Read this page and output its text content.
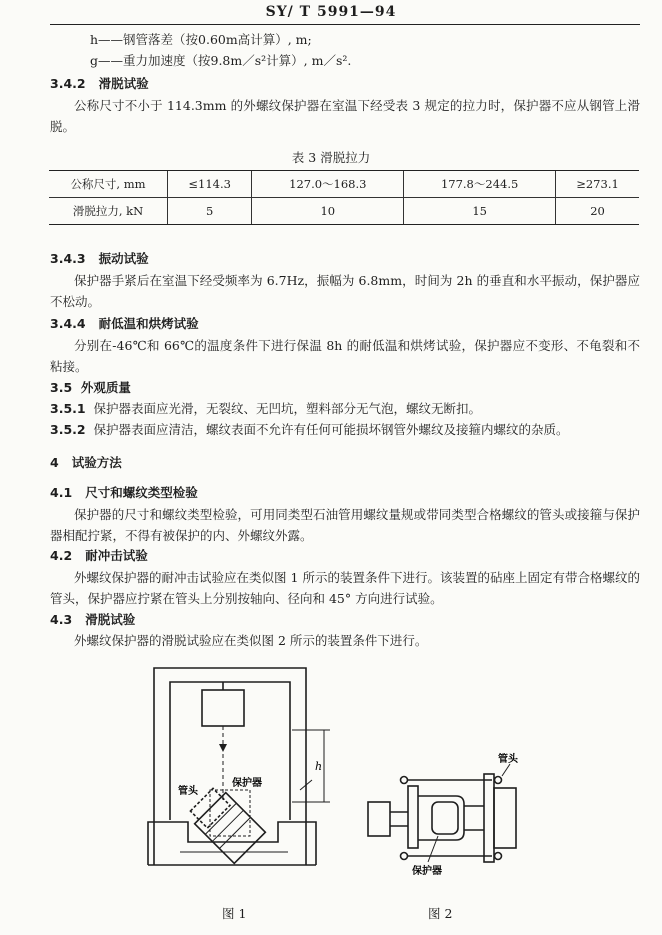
SY/ T 5991—94
h——钢管落差（按0.60m高计算）, m;
g——重力加速度（按9.8m／s²计算）, m／s².
3.4.2 滑脱试验
公称尺寸不小于 114.3mm 的外螺纹保护器在室温下经受表 3 规定的拉力时，保护器不应从钢管上滑脱。
表 3 滑脱拉力
公称尺寸, mm	≤114.3	127.0～168.3	177.8～244.5	≥273.1
滑脱拉力, kN	5	10	15	20
3.4.3 振动试验
保护器手紧后在室温下经受频率为 6.7Hz，振幅为 6.8mm，时间为 2h 的垂直和水平振动，保护器应不松动。
3.4.4 耐低温和烘烤试验
分别在-46℃和 66℃的温度条件下进行保温 8h 的耐低温和烘烤试验，保护器应不变形、不龟裂和不粘接。
3.5 外观质量
3.5.1 保护器表面应光滑，无裂纹、无凹坑，塑料部分无气泡，螺纹无断扣。
3.5.2 保护器表面应清洁，螺纹表面不允许有任何可能损坏钢管外螺纹及接箍内螺纹的杂质。
4 试验方法
4.1 尺寸和螺纹类型检验
保护器的尺寸和螺纹类型检验，可用同类型石油管用螺纹量规或带同类型合格螺纹的管头或接箍与保护器相配拧紧，不得有被保护的内、外螺纹外露。
4.2 耐冲击试验
外螺纹保护器的耐冲击试验应在类似图 1 所示的装置条件下进行。该装置的砧座上固定有带合格螺纹的管头，保护器应拧紧在管头上分别按轴向、径向和 45° 方向进行试验。
4.3 滑脱试验
外螺纹保护器的滑脱试验应在类似图 2 所示的装置条件下进行。
h
管头
保护器
图 1
管头
保护器
图 2
